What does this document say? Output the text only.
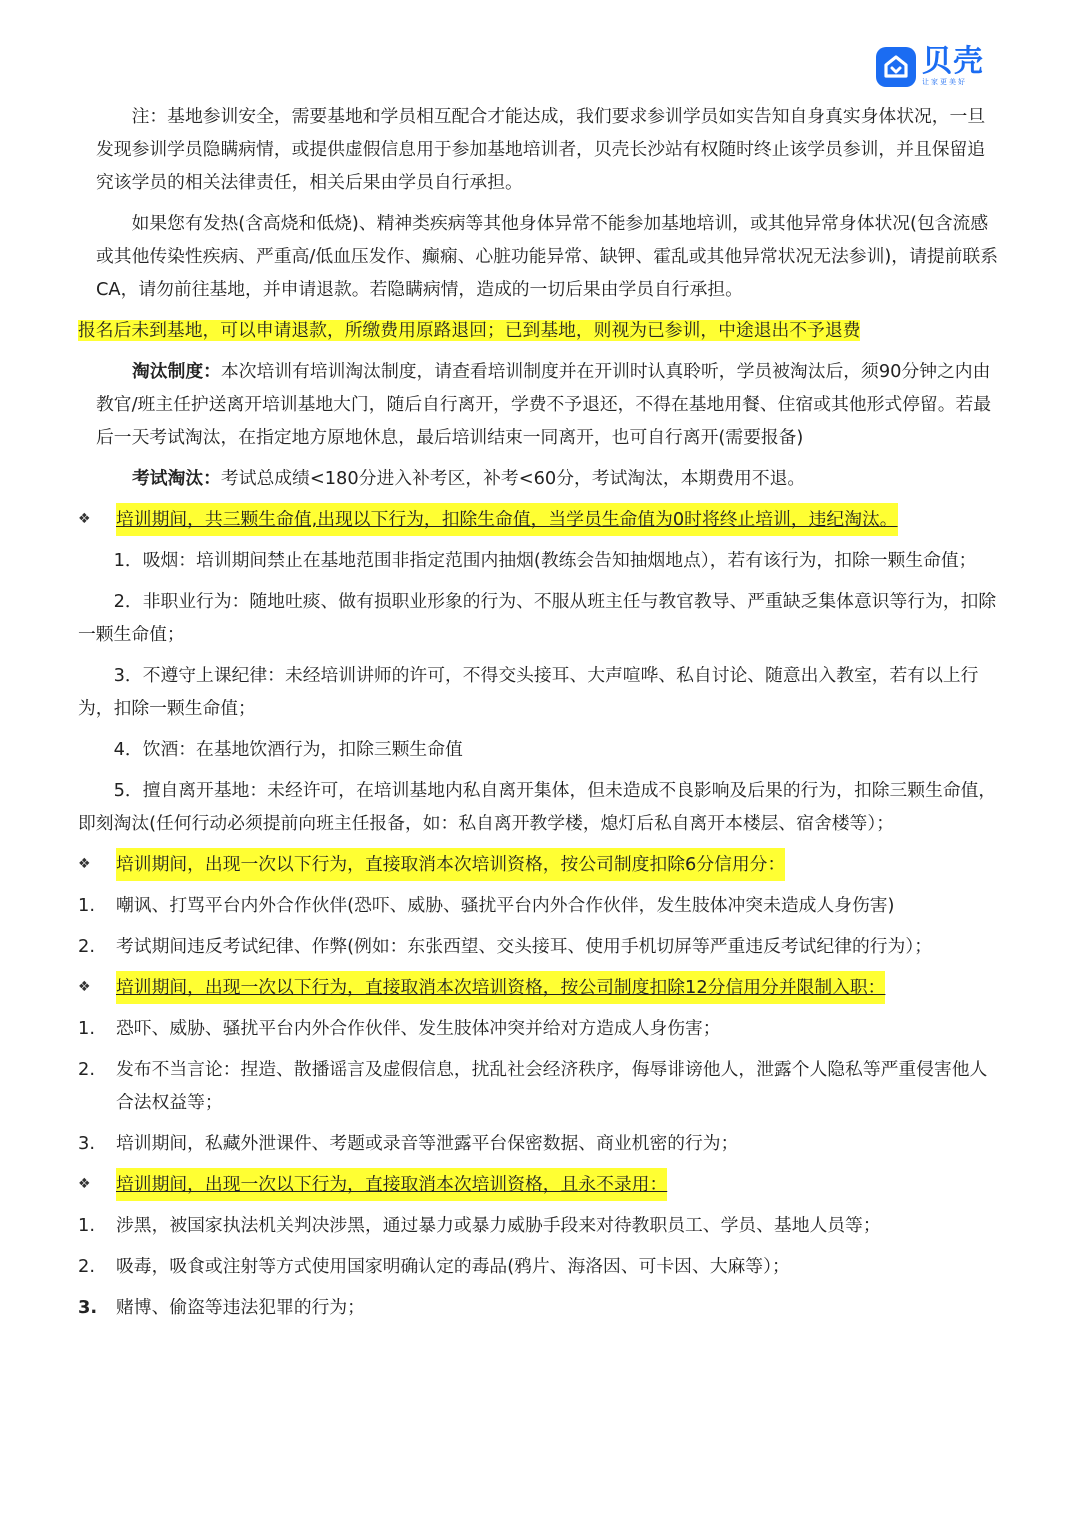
贝壳
让家更美好

注：基地参训安全，需要基地和学员相互配合才能达成，我们要求参训学员如实告知自身真实身体状况，一旦发现参训学员隐瞒病情，或提供虚假信息用于参加基地培训者，贝壳长沙站有权随时终止该学员参训，并且保留追究该学员的相关法律责任，相关后果由学员自行承担。

如果您有发热(含高烧和低烧)、精神类疾病等其他身体异常不能参加基地培训，或其他异常身体状况(包含流感或其他传染性疾病、严重高/低血压发作、癫痫、心脏功能异常、缺钾、霍乱或其他异常状况无法参训)，请提前联系CA，请勿前往基地，并申请退款。若隐瞒病情，造成的一切后果由学员自行承担。

报名后未到基地，可以申请退款，所缴费用原路退回；已到基地，则视为已参训，中途退出不予退费

淘汰制度：本次培训有培训淘汰制度，请查看培训制度并在开训时认真聆听，学员被淘汰后，须90分钟之内由教官/班主任护送离开培训基地大门，随后自行离开，学费不予退还，不得在基地用餐、住宿或其他形式停留。若最后一天考试淘汰，在指定地方原地休息，最后培训结束一同离开，也可自行离开(需要报备)

考试淘汰：考试总成绩<180分进入补考区，补考<60分，考试淘汰，本期费用不退。

❖	培训期间，共三颗生命值,出现以下行为，扣除生命值，当学员生命值为0时将终止培训，违纪淘汰。

1．吸烟：培训期间禁止在基地范围非指定范围内抽烟(教练会告知抽烟地点），若有该行为，扣除一颗生命值；

2．非职业行为：随地吐痰、做有损职业形象的行为、不服从班主任与教官教导、严重缺乏集体意识等行为，扣除一颗生命值；

3．不遵守上课纪律：未经培训讲师的许可，不得交头接耳、大声喧哗、私自讨论、随意出入教室，若有以上行为，扣除一颗生命值；

4．饮酒：在基地饮酒行为，扣除三颗生命值

5．擅自离开基地：未经许可，在培训基地内私自离开集体，但未造成不良影响及后果的行为，扣除三颗生命值，即刻淘汰(任何行动必须提前向班主任报备，如：私自离开教学楼，熄灯后私自离开本楼层、宿舍楼等）；

❖	培训期间，出现一次以下行为，直接取消本次培训资格，按公司制度扣除6分信用分：
1.	嘲讽、打骂平台内外合作伙伴(恐吓、威胁、骚扰平台内外合作伙伴，发生肢体冲突未造成人身伤害)
2.	考试期间违反考试纪律、作弊(例如：东张西望、交头接耳、使用手机切屏等严重违反考试纪律的行为）；
❖	培训期间，出现一次以下行为，直接取消本次培训资格，按公司制度扣除12分信用分并限制入职：
1.	恐吓、威胁、骚扰平台内外合作伙伴、发生肢体冲突并给对方造成人身伤害；
2.	发布不当言论：捏造、散播谣言及虚假信息，扰乱社会经济秩序，侮辱诽谤他人，泄露个人隐私等严重侵害他人合法权益等；
3.	培训期间，私藏外泄课件、考题或录音等泄露平台保密数据、商业机密的行为；
❖	培训期间，出现一次以下行为，直接取消本次培训资格，且永不录用：
1.	涉黑，被国家执法机关判决涉黑，通过暴力或暴力威胁手段来对待教职员工、学员、基地人员等；
2.	吸毒，吸食或注射等方式使用国家明确认定的毒品(鸦片、海洛因、可卡因、大麻等）；
3.	赌博、偷盗等违法犯罪的行为；
